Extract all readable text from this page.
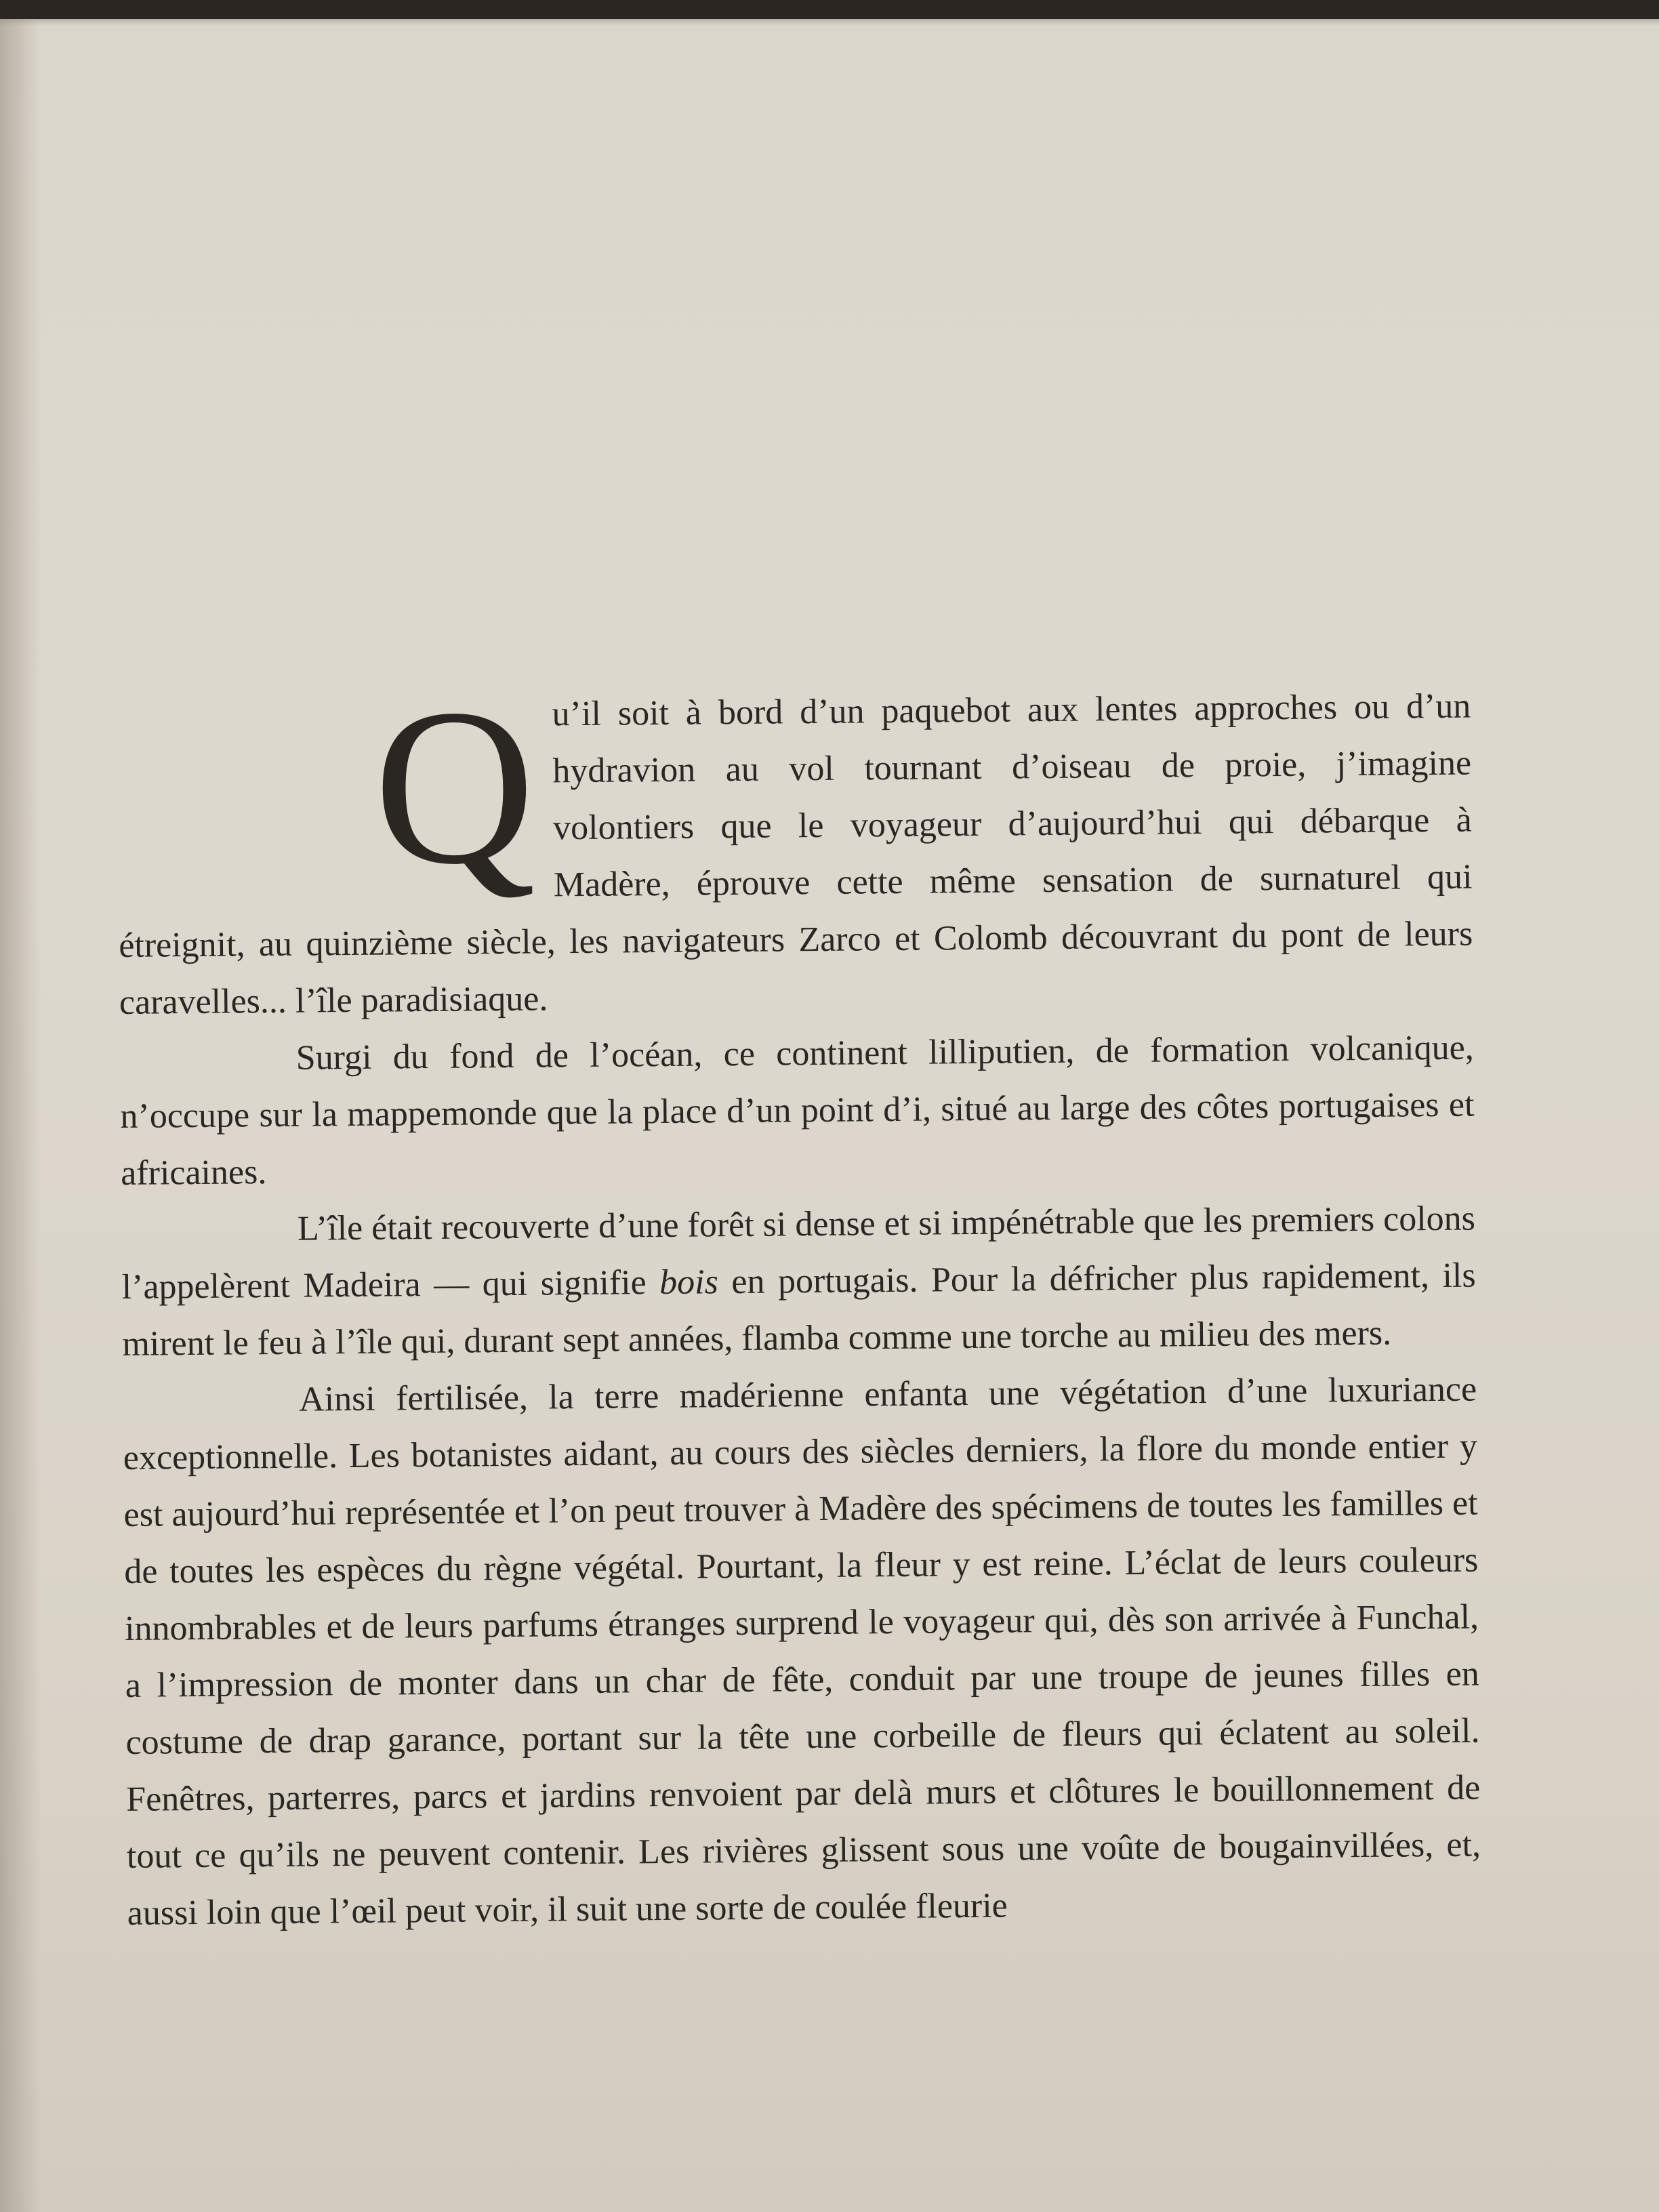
Qu’il soit à bord d’un paquebot aux lentes approches ou d’un hydravion au vol tournant d’oiseau de proie, j’imagine volontiers que le voyageur d’aujourd’hui qui débarque à Madère, éprouve cette même sensation de surnaturel qui étreignit, au quinzième siècle, les navigateurs Zarco et Colomb découvrant du pont de leurs caravelles... l’île paradisiaque.

Surgi du fond de l’océan, ce continent lilliputien, de formation volcanique, n’occupe sur la mappemonde que la place d’un point d’i, situé au large des côtes portugaises et africaines.

L’île était recouverte d’une forêt si dense et si impénétrable que les premiers colons l’appelèrent Madeira — qui signifie bois en portugais. Pour la défricher plus rapidement, ils mirent le feu à l’île qui, durant sept années, flamba comme une torche au milieu des mers.

Ainsi fertilisée, la terre madérienne enfanta une végétation d’une luxuriance exceptionnelle. Les botanistes aidant, au cours des siècles derniers, la flore du monde entier y est aujourd’hui représentée et l’on peut trouver à Madère des spécimens de toutes les familles et de toutes les espèces du règne végétal. Pourtant, la fleur y est reine. L’éclat de leurs couleurs innombrables et de leurs parfums étranges surprend le voyageur qui, dès son arrivée à Funchal, a l’impression de monter dans un char de fête, conduit par une troupe de jeunes filles en costume de drap garance, portant sur la tête une corbeille de fleurs qui éclatent au soleil. Fenêtres, parterres, parcs et jardins renvoient par delà murs et clôtures le bouillonnement de tout ce qu’ils ne peuvent contenir. Les rivières glissent sous une voûte de bougainvillées, et, aussi loin que l’œil peut voir, il suit une sorte de coulée fleurie
